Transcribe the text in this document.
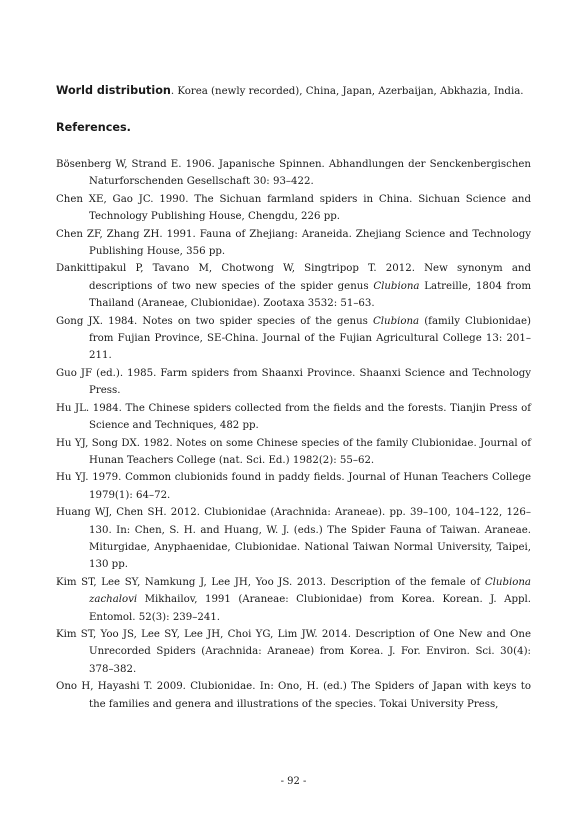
World distribution. Korea (newly recorded), China, Japan, Azerbaijan, Abkhazia, India.
References.
Bösenberg W, Strand E. 1906. Japanische Spinnen. Abhandlungen der Senckenbergischen Naturforschenden Gesellschaft 30: 93–422.
Chen XE, Gao JC. 1990. The Sichuan farmland spiders in China. Sichuan Science and Technology Publishing House, Chengdu, 226 pp.
Chen ZF, Zhang ZH. 1991. Fauna of Zhejiang: Araneida. Zhejiang Science and Technology Publishing House, 356 pp.
Dankittipakul P, Tavano M, Chotwong W, Singtripop T. 2012. New synonym and descriptions of two new species of the spider genus Clubiona Latreille, 1804 from Thailand (Araneae, Clubionidae). Zootaxa 3532: 51–63.
Gong JX. 1984. Notes on two spider species of the genus Clubiona (family Clubionidae) from Fujian Province, SE-China. Journal of the Fujian Agricultural College 13: 201–211.
Guo JF (ed.). 1985. Farm spiders from Shaanxi Province. Shaanxi Science and Technology Press.
Hu JL. 1984. The Chinese spiders collected from the fields and the forests. Tianjin Press of Science and Techniques, 482 pp.
Hu YJ, Song DX. 1982. Notes on some Chinese species of the family Clubionidae. Journal of Hunan Teachers College (nat. Sci. Ed.) 1982(2): 55–62.
Hu YJ. 1979. Common clubionids found in paddy fields. Journal of Hunan Teachers College 1979(1): 64–72.
Huang WJ, Chen SH. 2012. Clubionidae (Arachnida: Araneae). pp. 39–100, 104–122, 126–130. In: Chen, S. H. and Huang, W. J. (eds.) The Spider Fauna of Taiwan. Araneae. Miturgidae, Anyphaenidae, Clubionidae. National Taiwan Normal University, Taipei, 130 pp.
Kim ST, Lee SY, Namkung J, Lee JH, Yoo JS. 2013. Description of the female of Clubiona zachalovi Mikhailov, 1991 (Araneae: Clubionidae) from Korea. Korean. J. Appl. Entomol. 52(3): 239–241.
Kim ST, Yoo JS, Lee SY, Lee JH, Choi YG, Lim JW. 2014. Description of One New and One Unrecorded Spiders (Arachnida: Araneae) from Korea. J. For. Environ. Sci. 30(4): 378–382.
Ono H, Hayashi T. 2009. Clubionidae. In: Ono, H. (ed.) The Spiders of Japan with keys to the families and genera and illustrations of the species. Tokai University Press,
- 92 -
